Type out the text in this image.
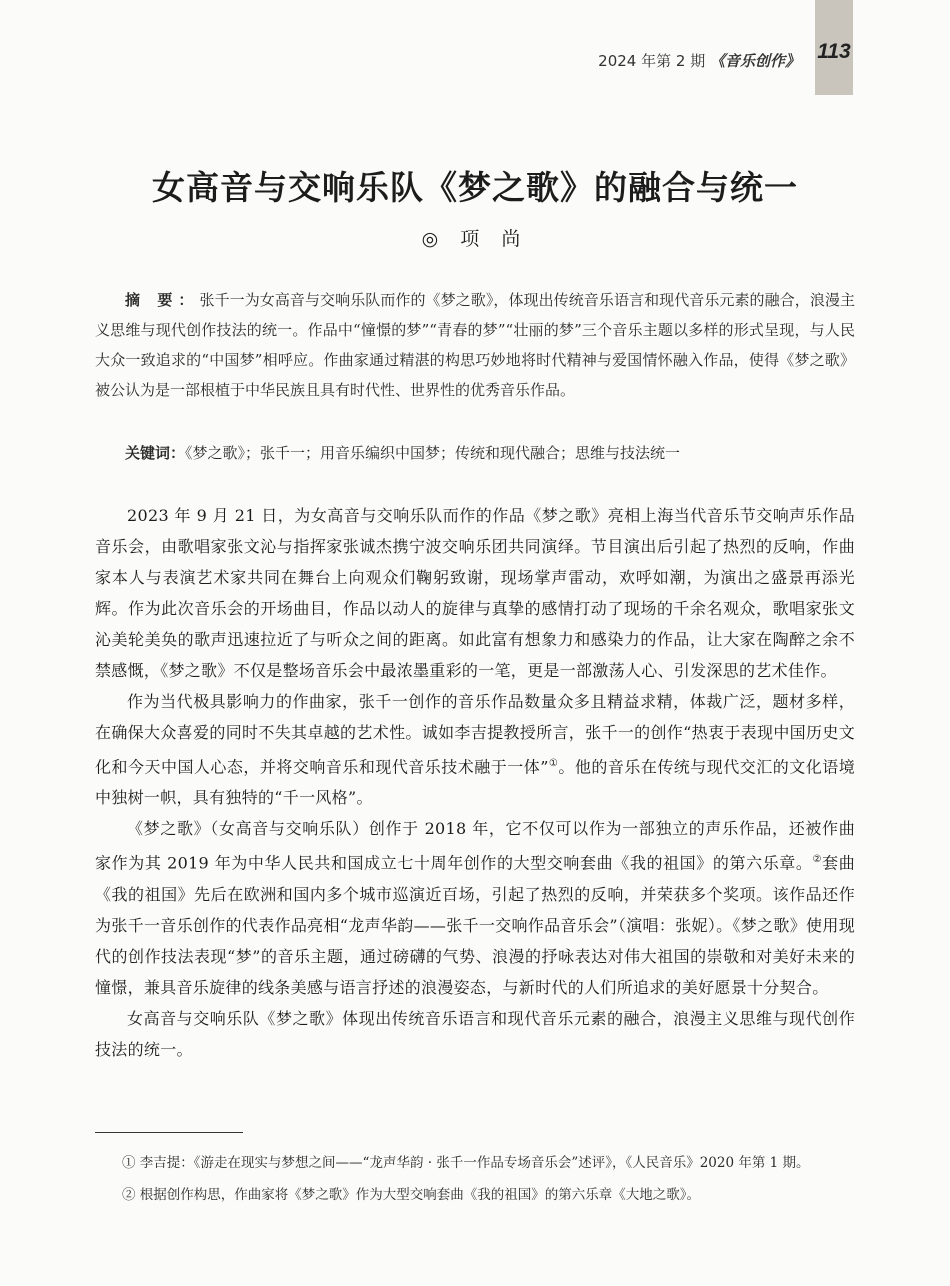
113
2024 年第 2 期 《音乐创作》
女高音与交响乐队《梦之歌》的融合与统一
◎ 项 尚
摘 要：张千一为女高音与交响乐队而作的《梦之歌》，体现出传统音乐语言和现代音乐元素的融合，浪漫主义思维与现代创作技法的统一。作品中“憧憬的梦”“青春的梦”“壮丽的梦”三个音乐主题以多样的形式呈现，与人民大众一致追求的“中国梦”相呼应。作曲家通过精湛的构思巧妙地将时代精神与爱国情怀融入作品，使得《梦之歌》被公认为是一部根植于中华民族且具有时代性、世界性的优秀音乐作品。
关键词：《梦之歌》；张千一；用音乐编织中国梦；传统和现代融合；思维与技法统一

2023 年 9 月 21 日，为女高音与交响乐队而作的作品《梦之歌》亮相上海当代音乐节交响声乐作品音乐会，由歌唱家张文沁与指挥家张诚杰携宁波交响乐团共同演绎。节目演出后引起了热烈的反响，作曲家本人与表演艺术家共同在舞台上向观众们鞠躬致谢，现场掌声雷动，欢呼如潮，为演出之盛景再添光辉。作为此次音乐会的开场曲目，作品以动人的旋律与真挚的感情打动了现场的千余名观众，歌唱家张文沁美轮美奂的歌声迅速拉近了与听众之间的距离。如此富有想象力和感染力的作品，让大家在陶醉之余不禁感慨，《梦之歌》不仅是整场音乐会中最浓墨重彩的一笔，更是一部激荡人心、引发深思的艺术佳作。

作为当代极具影响力的作曲家，张千一创作的音乐作品数量众多且精益求精，体裁广泛，题材多样，在确保大众喜爱的同时不失其卓越的艺术性。诚如李吉提教授所言，张千一的创作“热衷于表现中国历史文化和今天中国人心态，并将交响音乐和现代音乐技术融于一体”①。他的音乐在传统与现代交汇的文化语境中独树一帜，具有独特的“千一风格”。

《梦之歌》（女高音与交响乐队）创作于 2018 年，它不仅可以作为一部独立的声乐作品，还被作曲家作为其 2019 年为中华人民共和国成立七十周年创作的大型交响套曲《我的祖国》的第六乐章。②套曲《我的祖国》先后在欧洲和国内多个城市巡演近百场，引起了热烈的反响，并荣获多个奖项。该作品还作为张千一音乐创作的代表作品亮相“龙声华韵——张千一交响作品音乐会”（演唱：张妮）。《梦之歌》使用现代的创作技法表现“梦”的音乐主题，通过磅礴的气势、浪漫的抒咏表达对伟大祖国的崇敬和对美好未来的憧憬，兼具音乐旋律的线条美感与语言抒述的浪漫姿态，与新时代的人们所追求的美好愿景十分契合。

女高音与交响乐队《梦之歌》体现出传统音乐语言和现代音乐元素的融合，浪漫主义思维与现代创作技法的统一。

① 李吉提：《游走在现实与梦想之间——“龙声华韵 · 张千一作品专场音乐会”述评》，《人民音乐》2020 年第 1 期。

② 根据创作构思，作曲家将《梦之歌》作为大型交响套曲《我的祖国》的第六乐章《大地之歌》。
